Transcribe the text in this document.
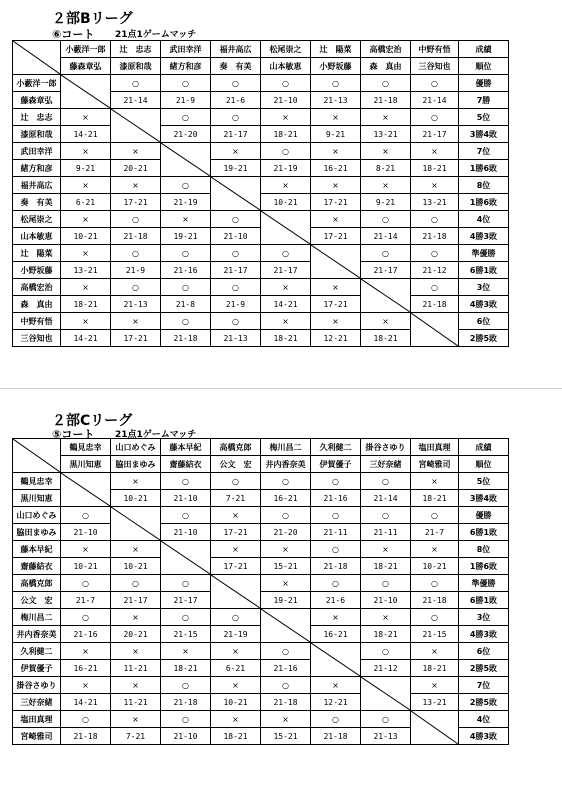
２部Bリーグ
⑥コート 21点1ゲームマッチ
	小藪洋一郎	辻　忠志	武田幸洋	福井高広	松尾崇之	辻　陽菜	高橋宏治	中野有悟	成績
	藤森章弘	漆原和哉	緒方和彦	奏　有美	山本敏恵	小野坂藤	森　真由	三谷知也	順位
小藪洋一郎		○	○	○	○	○	○	○	優勝
藤森章弘		21-14	21-9	21-6	21-10	21-13	21-18	21-14	7勝
辻　忠志	×		○	○	×	×	×	○	5位
漆原和哉	14-21		21-20	21-17	18-21	9-21	13-21	21-17	3勝4敗
武田幸洋	×	×		×	○	×	×	×	7位
緒方和彦	9-21	20-21		19-21	21-19	16-21	8-21	18-21	1勝6敗
福井高広	×	×	○		×	×	×	×	8位
奏　有美	6-21	17-21	21-19		10-21	17-21	9-21	13-21	1勝6敗
松尾崇之	×	○	×	○		×	○	○	4位
山本敏恵	10-21	21-18	19-21	21-10		17-21	21-14	21-18	4勝3敗
辻　陽菜	×	○	○	○	○		○	○	準優勝
小野坂藤	13-21	21-9	21-16	21-17	21-17		21-17	21-12	6勝1敗
高橋宏治	×	○	○	○	×	×		○	3位
森　真由	18-21	21-13	21-8	21-9	14-21	17-21		21-18	4勝3敗
中野有悟	×	×	○	○	×	×	×		6位
三谷知也	14-21	17-21	21-18	21-13	18-21	12-21	18-21		2勝5敗
２部Cリーグ
⑤コート 21点1ゲームマッチ
	鶴見忠幸	山口めぐみ	藤本早紀	高橋克郎	梅川昌二	久利健二	掛谷さゆり	塩田真理	成績
	黒川知恵	脇田まゆみ	齋藤結衣	公文　宏	井内香奈美	伊賀優子	三好奈緒	宮崎雅司	順位
鶴見忠幸		×	○	○	○	○	○	×	5位
黒川知恵		10-21	21-10	7-21	16-21	21-16	21-14	18-21	3勝4敗
山口めぐみ	○		○	×	○	○	○	○	優勝
脇田まゆみ	21-10		21-10	17-21	21-20	21-11	21-11	21-7	6勝1敗
藤本早紀	×	×		×	×	○	×	×	8位
齋藤結衣	10-21	10-21		17-21	15-21	21-18	18-21	10-21	1勝6敗
高橋克郎	○	○	○		×	○	○	○	準優勝
公文　宏	21-7	21-17	21-17		19-21	21-6	21-10	21-18	6勝1敗
梅川昌二	○	×	○	○		×	×	○	3位
井内香奈美	21-16	20-21	21-15	21-19		16-21	18-21	21-15	4勝3敗
久利健二	×	×	×	×	○		○	×	6位
伊賀優子	16-21	11-21	18-21	6-21	21-16		21-12	18-21	2勝5敗
掛谷さゆり	×	×	○	×	○	×		×	7位
三好奈緒	14-21	11-21	21-18	10-21	21-18	12-21		13-21	2勝5敗
塩田真理	○	×	○	×	×	○	○		4位
宮崎雅司	21-18	7-21	21-10	18-21	15-21	21-18	21-13		4勝3敗
